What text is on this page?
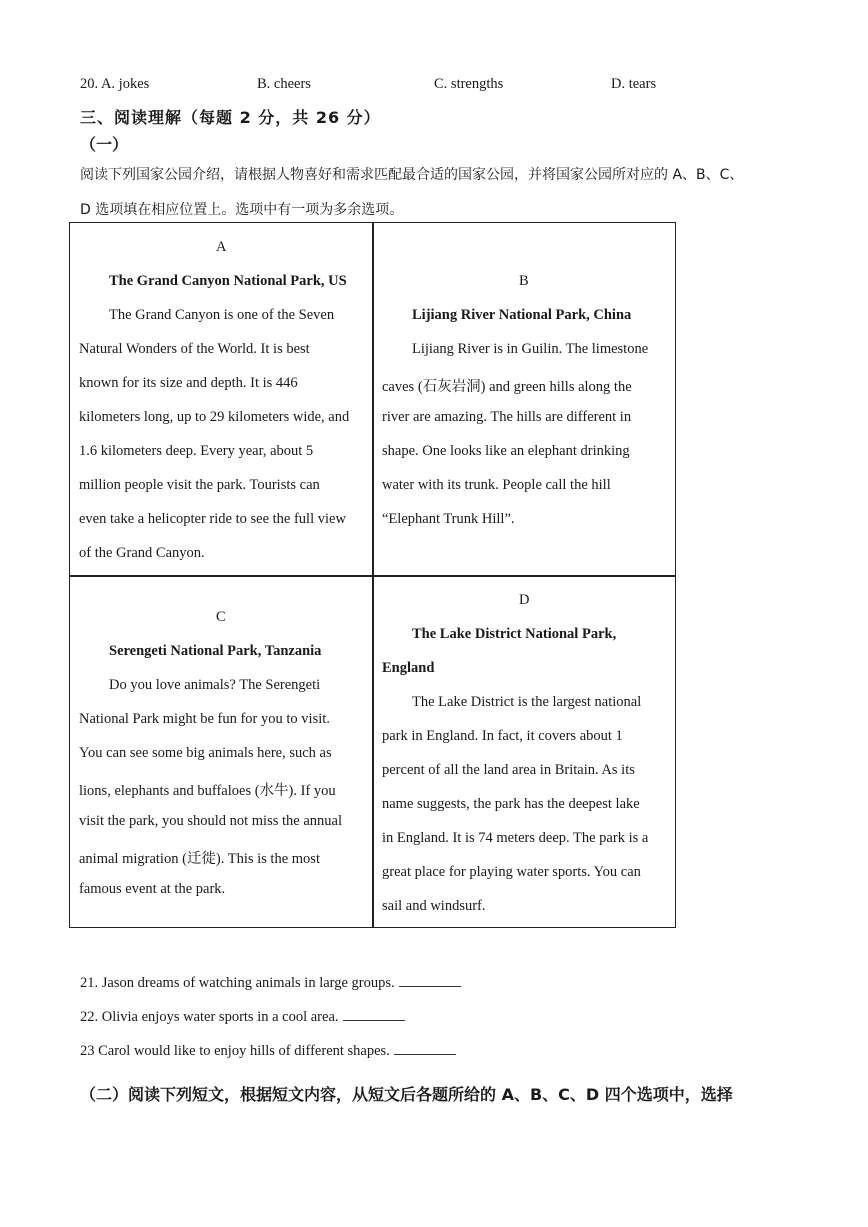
20. A. jokes	B. cheers	C. strengths	D. tears
三、阅读理解（每题 2 分，共 26 分）
（一）
阅读下列国家公园介绍，请根据人物喜好和需求匹配最合适的国家公园，并将国家公园所对应的 A、B、C、
D 选项填在相应位置上。选项中有一项为多余选项。
A
The Grand Canyon National Park, US
The Grand Canyon is one of the Seven
Natural Wonders of the World. It is best
known for its size and depth. It is 446
kilometers long, up to 29 kilometers wide, and
1.6 kilometers deep. Every year, about 5
million people visit the park. Tourists can
even take a helicopter ride to see the full view
of the Grand Canyon.
B
Lijiang River National Park, China
Lijiang River is in Guilin. The limestone
caves (石灰岩洞) and green hills along the
river are amazing. The hills are different in
shape. One looks like an elephant drinking
water with its trunk. People call the hill
“Elephant Trunk Hill”.
C
Serengeti National Park, Tanzania
Do you love animals? The Serengeti
National Park might be fun for you to visit.
You can see some big animals here, such as
lions, elephants and buffaloes (水牛). If you
visit the park, you should not miss the annual
animal migration (迁徙). This is the most
famous event at the park.
D
The Lake District National Park,
England
The Lake District is the largest national
park in England. In fact, it covers about 1
percent of all the land area in Britain. As its
name suggests, the park has the deepest lake
in England. It is 74 meters deep. The park is a
great place for playing water sports. You can
sail and windsurf.
21. Jason dreams of watching animals in large groups.
22. Olivia enjoys water sports in a cool area.
23 Carol would like to enjoy hills of different shapes.
（二）阅读下列短文，根据短文内容，从短文后各题所给的 A、B、C、D 四个选项中，选择
